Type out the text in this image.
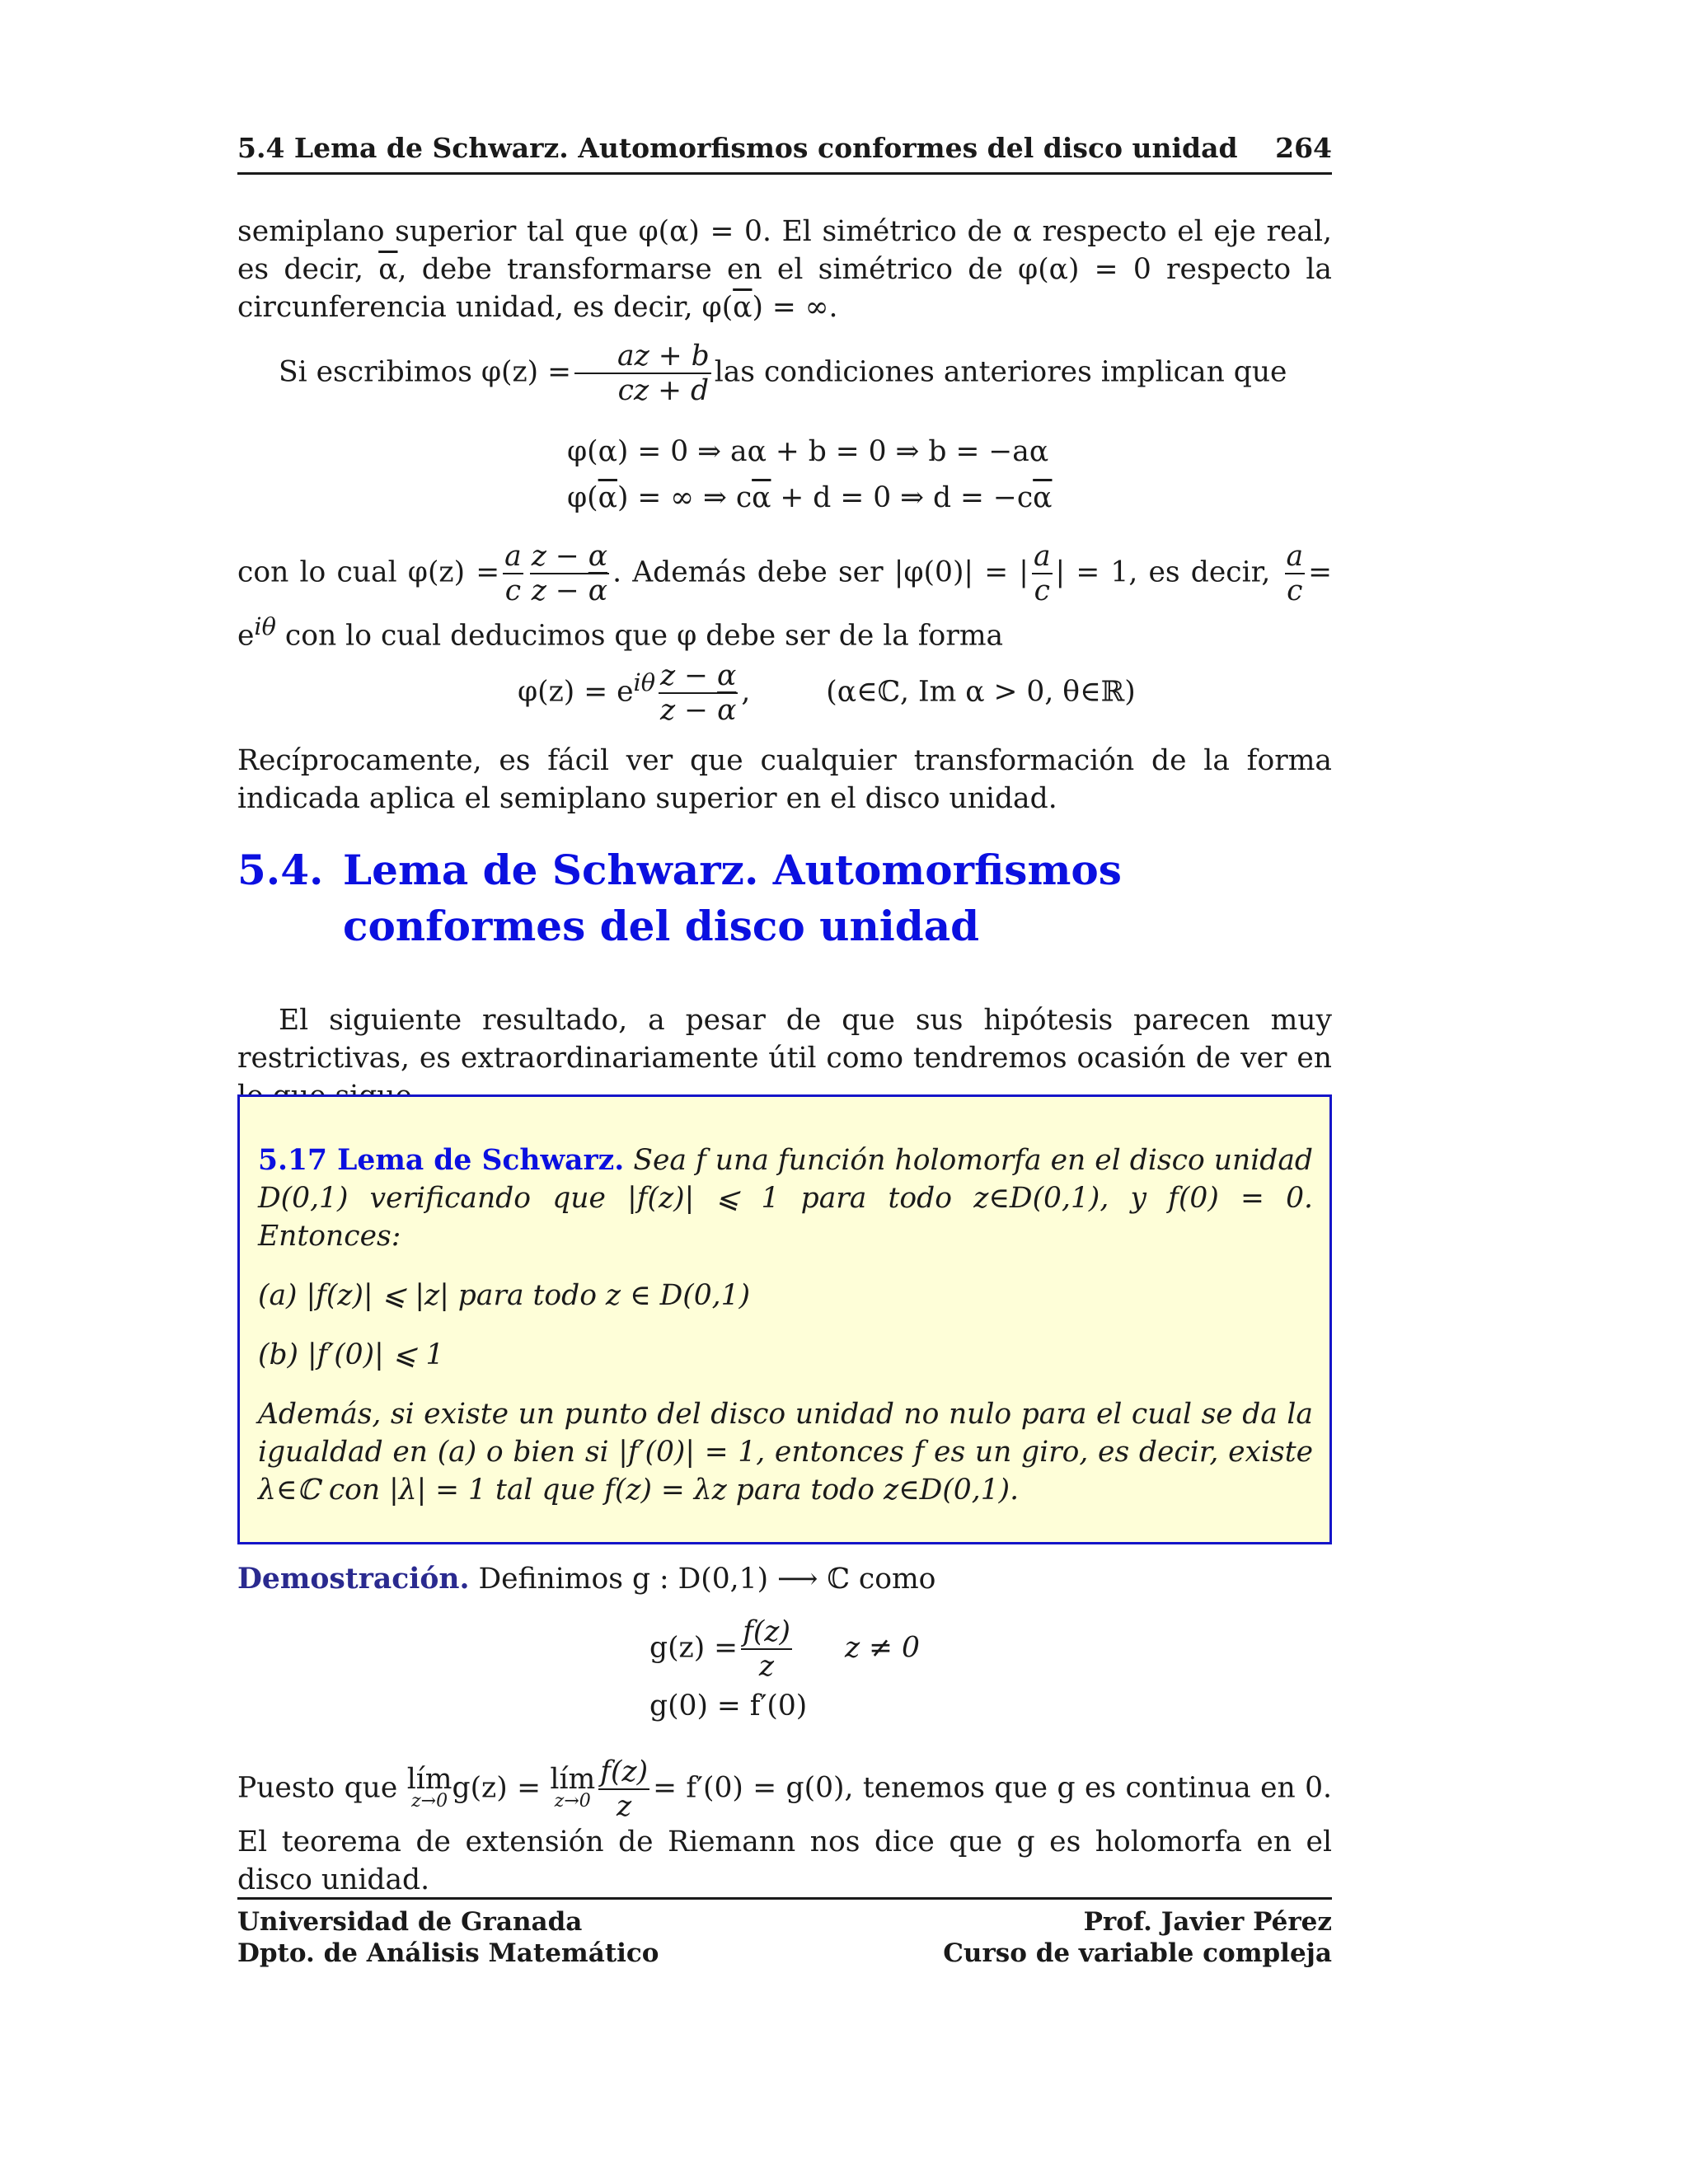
5.4 Lema de Schwarz. Automorfismos conformes del disco unidad 264

semiplano superior tal que φ(α) = 0. El simétrico de α respecto el eje real, es decir, $\overline{\alpha}$, debe transformarse en el simétrico de φ(α) = 0 respecto la circunferencia unidad, es decir, $\varphi(\overline{\alpha})$ = ∞.

Si escribimos $\varphi(z) = \frac{az + b}{cz + d}$ las condiciones anteriores implican que

φ(α) = 0 ⇒ aα + b = 0 ⇒ b = −aα
$\varphi(\overline{\alpha})$ = ∞ ⇒ $c\overline{\alpha} + d = 0$ ⇒ $d = -c\overline{\alpha}$

con lo cual $\varphi(z) = \frac{a}{c} \frac{z - \alpha}{z - \overline{\alpha}}$ . Además debe ser |φ(0)| = | $\frac{a}{c}$ | = 1, es decir, $\frac{a}{c} = e^{i\theta}$ con lo cual deducimos que φ debe ser de la forma

$\varphi(z) = e^{i\theta} \frac{z - \alpha}{z - \overline{\alpha}}$ ,	(α∈ℂ, Im α > 0, θ∈ℝ)

Recíprocamente, es fácil ver que cualquier transformación de la forma indicada aplica el semiplano superior en el disco unidad.

5.4. Lema de Schwarz. Automorfismos conformes del disco unidad

El siguiente resultado, a pesar de que sus hipótesis parecen muy restrictivas, es extraordinariamente útil como tendremos ocasión de ver en

5.17 Lema de Schwarz. Sea f una función holomorfa en el disco unidad D(0,1) verificando que |f(z)| ⩽ 1 para todo z∈D(0,1), y f(0) = 0. Entonces:

(a) |f(z)| ⩽ |z| para todo z ∈ D(0,1)

(b) |f′(0)| ⩽ 1

Además, si existe un punto del disco unidad no nulo para el cual se da la igualdad en (a) o bien si |f′(0)| = 1, entonces f es un giro, es decir, existe λ∈ℂ con |λ| = 1 tal que f(z) = λz para todo z∈D(0,1).

Demostración. Definimos g : D(0,1) ⟶ ℂ como

$g(z) = \frac{f(z)}{z}$ z ≠ 0
g(0) = f′(0)

Puesto que lím
z→0 g(z) = lím
$z\to 0 \frac{f(z)}{z} = f'(0) = g(0)$, tenemos que g es continua en 0. El teorema de extensión de Riemann nos dice que g es holomorfa en el disco unidad.

Universidad de Granada
Dpto. de Análisis Matemático
Prof. Javier Pérez
Curso de variable compleja
